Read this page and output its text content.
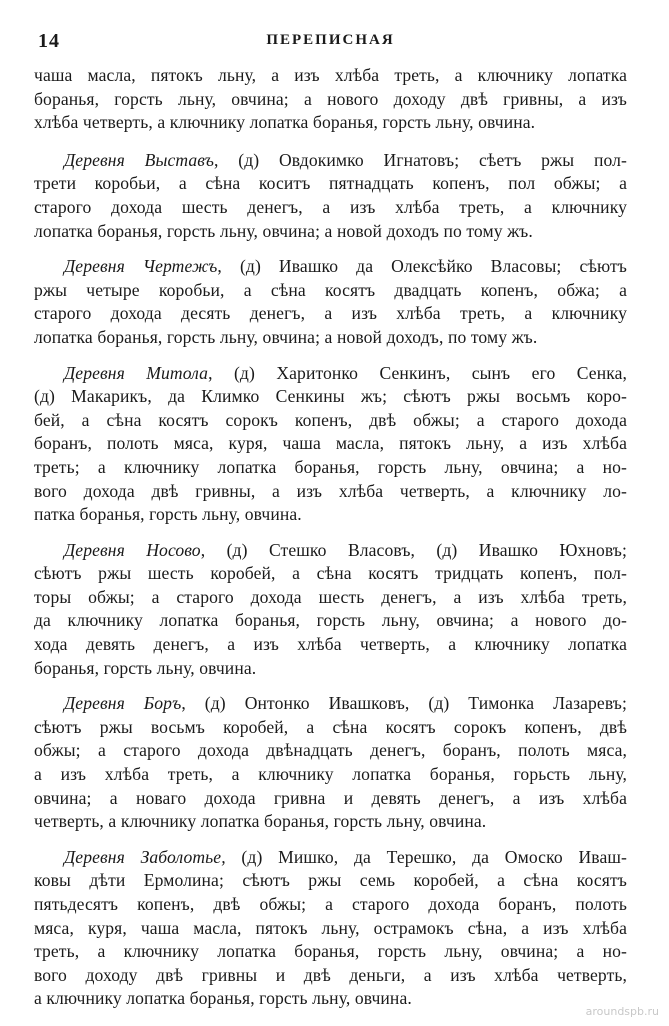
14	ПЕРЕПИСНАЯ
чаша масла, пятокъ льну, а изъ хлѣба треть, а ключнику лопатка
боранья, горсть льну, овчина; а нового доходу двѣ гривны, а изъ
хлѣба четверть, а ключнику лопатка боранья, горсть льну, овчина.
Деревня Выставъ, (д) Овдокимко Игнатовъ; сѣетъ ржы пол-
трети коробьи, а сѣна коситъ пятнадцать копенъ, пол обжы; а
старого дохода шесть денегъ, а изъ хлѣба треть, а ключнику
лопатка боранья, горсть льну, овчина; а новой доходъ по тому жъ.
Деревня Чертежъ, (д) Ивашко да Олексѣйко Власовы; сѣютъ
ржы четыре коробьи, а сѣна косятъ двадцать копенъ, обжа; а
старого дохода десять денегъ, а изъ хлѣба треть, а ключнику
лопатка боранья, горсть льну, овчина; а новой доходъ, по тому жъ.
Деревня Митола, (д) Харитонко Сенкинъ, сынъ его Сенка,
(д) Макарикъ, да Климко Сенкины жъ; сѣютъ ржы восьмъ коро-
бей, а сѣна косятъ сорокъ копенъ, двѣ обжы; а старого дохода
боранъ, полоть мяса, куря, чаша масла, пятокъ льну, а изъ хлѣба
треть; а ключнику лопатка боранья, горсть льну, овчина; а но-
вого дохода двѣ гривны, а изъ хлѣба четверть, а ключнику ло-
патка боранья, горсть льну, овчина.
Деревня Носово, (д) Стешко Власовъ, (д) Ивашко Юхновъ;
сѣютъ ржы шесть коробей, а сѣна косятъ тридцать копенъ, пол-
торы обжы; а старого дохода шесть денегъ, а изъ хлѣба треть,
да ключнику лопатка боранья, горсть льну, овчина; а нового до-
хода девять денегъ, а изъ хлѣба четверть, а ключнику лопатка
боранья, горсть льну, овчина.
Деревня Боръ, (д) Онтонко Ивашковъ, (д) Тимонка Лазаревъ;
сѣютъ ржы восьмъ коробей, а сѣна косятъ сорокъ копенъ, двѣ
обжы; а старого дохода двѣнадцать денегъ, боранъ, полоть мяса,
а изъ хлѣба треть, а ключнику лопатка боранья, горьсть льну,
овчина; а новаго дохода гривна и девять денегъ, а изъ хлѣба
четверть, а ключнику лопатка боранья, горсть льну, овчина.
Деревня Заболотье, (д) Мишко, да Терешко, да Омоско Иваш-
ковы дѣти Ермолина; сѣютъ ржы семь коробей, а сѣна косятъ
пятьдесятъ копенъ, двѣ обжы; а старого дохода боранъ, полоть
мяса, куря, чаша масла, пятокъ льну, острамокъ сѣна, а изъ хлѣба
треть, а ключнику лопатка боранья, горсть льну, овчина; а но-
вого доходу двѣ гривны и двѣ деньги, а изъ хлѣба четверть,
а ключнику лопатка боранья, горсть льну, овчина.
aroundspb.ru
